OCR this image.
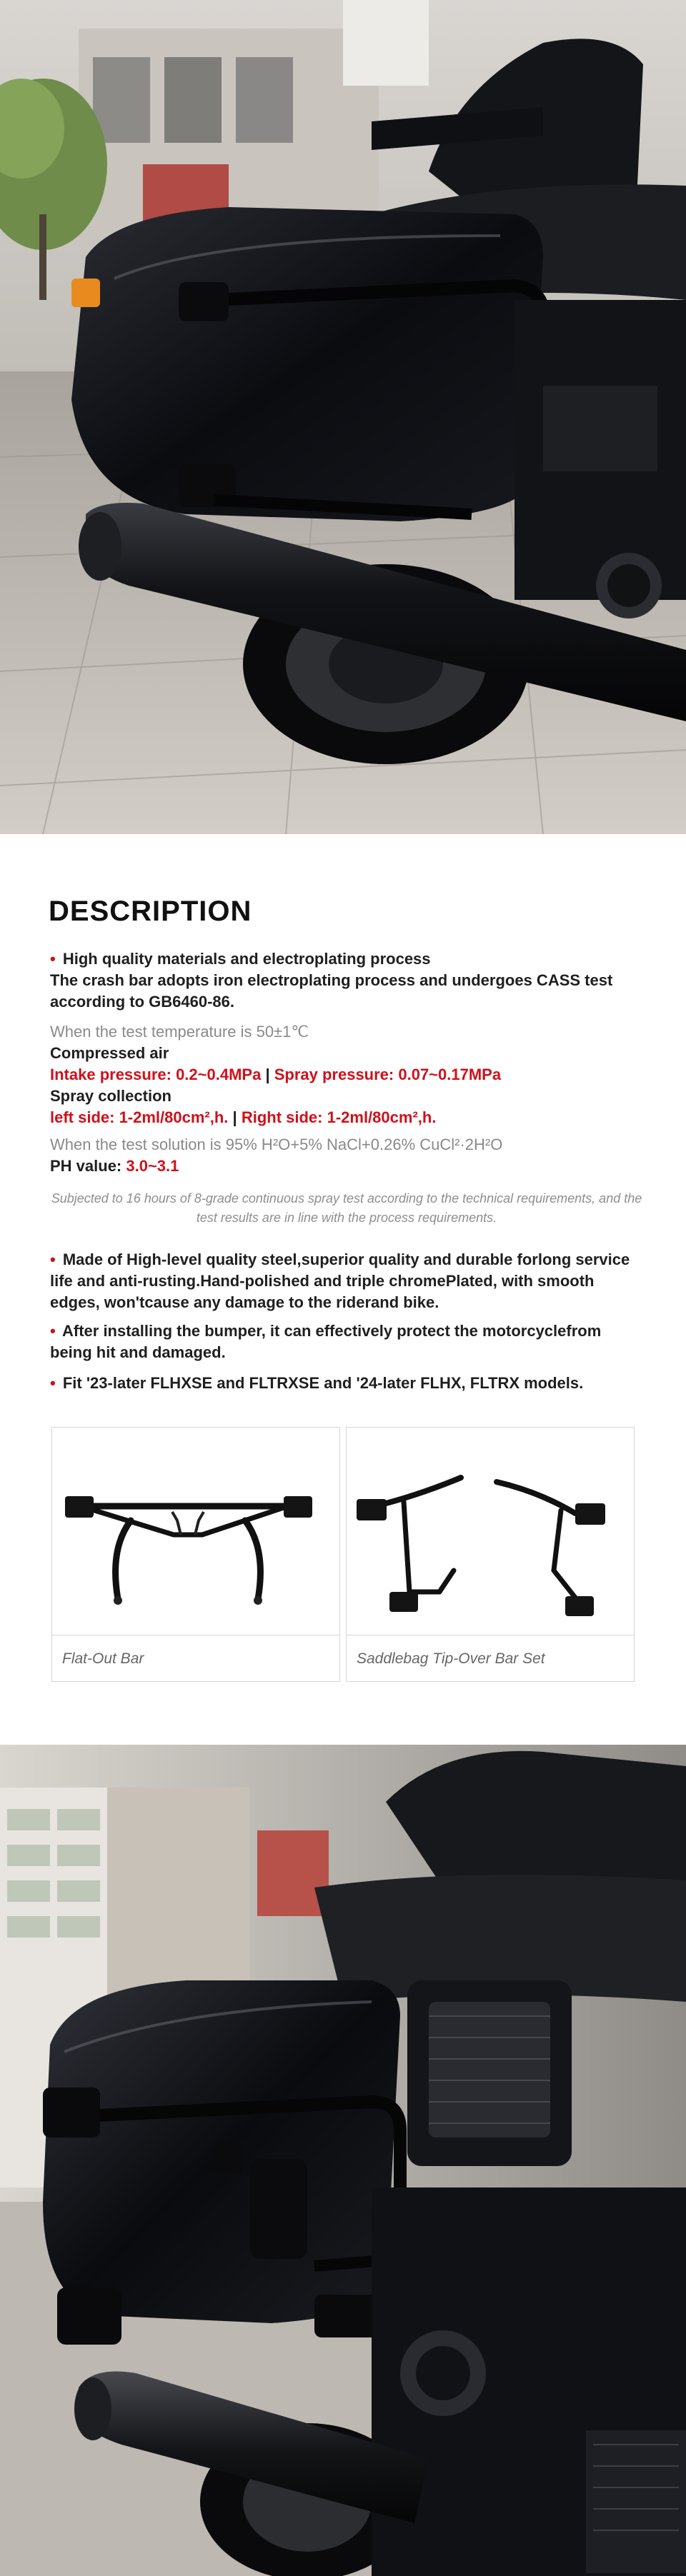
DESCRIPTION
• High quality materials and electroplating process
The crash bar adopts iron electroplating process and undergoes CASS test according to GB6460-86.
When the test temperature is 50±1℃
Compressed air
Intake pressure: 0.2~0.4MPa | Spray pressure: 0.07~0.17MPa
Spray collection
left side: 1-2ml/80cm²,h. | Right side: 1-2ml/80cm²,h.
When the test solution is 95% H²O+5% NaCl+0.26% CuCl²·2H²O
PH value: 3.0~3.1
Subjected to 16 hours of 8-grade continuous spray test according to the technical requirements, and the test results are in line with the process requirements.
• Made of High-level quality steel,superior quality and durable forlong service life and anti-rusting.Hand-polished and triple chromePlated, with smooth edges, won'tcause any damage to the riderand bike.
• After installing the bumper, it can effectively protect the motorcyclefrom being hit and damaged.
• Fit '23-later FLHXSE and FLTRXSE and '24-later FLHX, FLTRX models.
Flat-Out Bar	Saddlebag Tip-Over Bar Set
